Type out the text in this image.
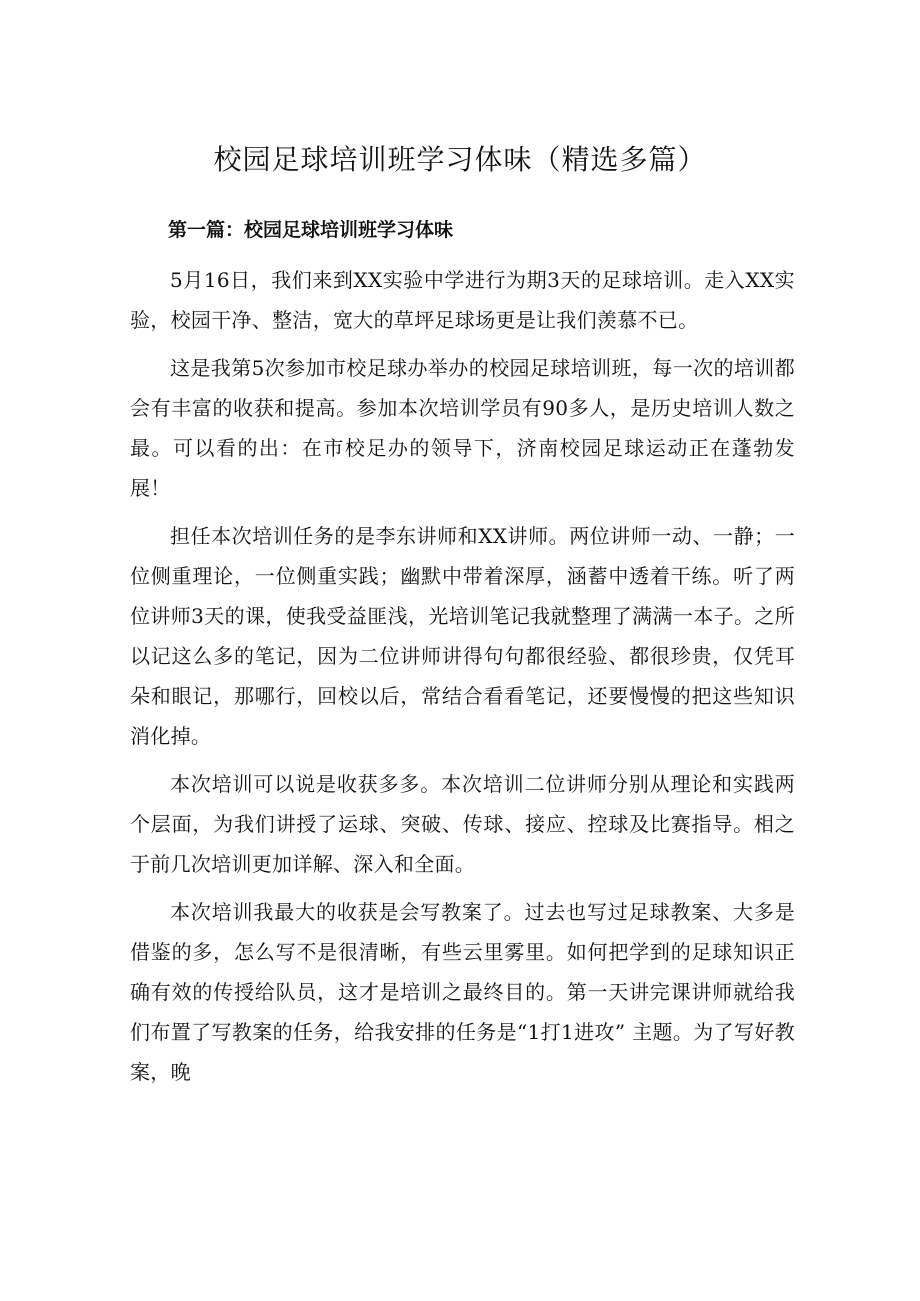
校园足球培训班学习体味（精选多篇）
第一篇：校园足球培训班学习体味

5月16日，我们来到XX实验中学进行为期3天的足球培训。走入XX实验，校园干净、整洁，宽大的草坪足球场更是让我们羡慕不已。

这是我第5次参加市校足球办举办的校园足球培训班，每一次的培训都会有丰富的收获和提高。参加本次培训学员有90多人，是历史培训人数之最。可以看的出：在市校足办的领导下，济南校园足球运动正在蓬勃发展！

担任本次培训任务的是李东讲师和XX讲师。两位讲师一动、一静；一位侧重理论，一位侧重实践；幽默中带着深厚，涵蓄中透着干练。听了两位讲师3天的课，使我受益匪浅，光培训笔记我就整理了满满一本子。之所以记这么多的笔记，因为二位讲师讲得句句都很经验、都很珍贵，仅凭耳朵和眼记，那哪行，回校以后，常结合看看笔记，还要慢慢的把这些知识消化掉。

本次培训可以说是收获多多。本次培训二位讲师分别从理论和实践两个层面，为我们讲授了运球、突破、传球、接应、控球及比赛指导。相之于前几次培训更加详解、深入和全面。

本次培训我最大的收获是会写教案了。过去也写过足球教案、大多是借鉴的多，怎么写不是很清晰，有些云里雾里。如何把学到的足球知识正确有效的传授给队员，这才是培训之最终目的。第一天讲完课讲师就给我们布置了写教案的任务，给我安排的任务是“1打1进攻” 主题。为了写好教案，晚
